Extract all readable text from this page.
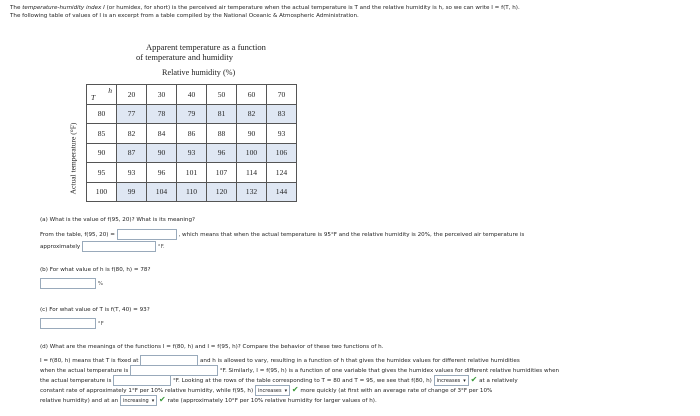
The temperature-humidity index I (or humidex, for short) is the perceived air temperature when the actual temperature is T and the relative humidity is h, so we can write I = f(T, h).
The following table of values of I is an excerpt from a table compiled by the National Oceanic & Atmospheric Administration.
Apparent temperature as a function
of temperature and humidity
Relative humidity (%)
Actual temperature (°F)
T
h	20	30	40	50	60	70
80	77	78	79	81	82	83
85	82	84	86	88	90	93
90	87	90	93	96	100	106
95	93	96	101	107	114	124
100	99	104	110	120	132	144
(a) What is the value of f(95, 20)? What is its meaning?
From the table, f(95, 20) =	, which means that when the actual temperature is 95°F and the relative humidity is 20%, the perceived air temperature is
approximately	°F.
(b) For what value of h is f(80, h) = 78?
%
(c) For what value of T is f(T, 40) = 93?
°F
(d) What are the meanings of the functions I = f(80, h) and I = f(95, h)? Compare the behavior of these two functions of h.
I = f(80, h) means that T is fixed at	and h is allowed to vary, resulting in a function of h that gives the humidex values for different relative humidities
when the actual temperature is	°F. Similarly, I = f(95, h) is a function of one variable that gives the humidex values for different relative humidities when
the actual temperature is	°F. Looking at the rows of the table corresponding to T = 80 and T = 95, we see that f(80, h) increases ▾ ✔ at a relatively
constant rate of approximately 1°F per 10% relative humidity, while f(95, h) increases ▾ ✔ more quickly (at first with an average rate of change of 3°F per 10%
relative humidity) and at an increasing ▾ ✔ rate (approximately 10°F per 10% relative humidity for larger values of h).
